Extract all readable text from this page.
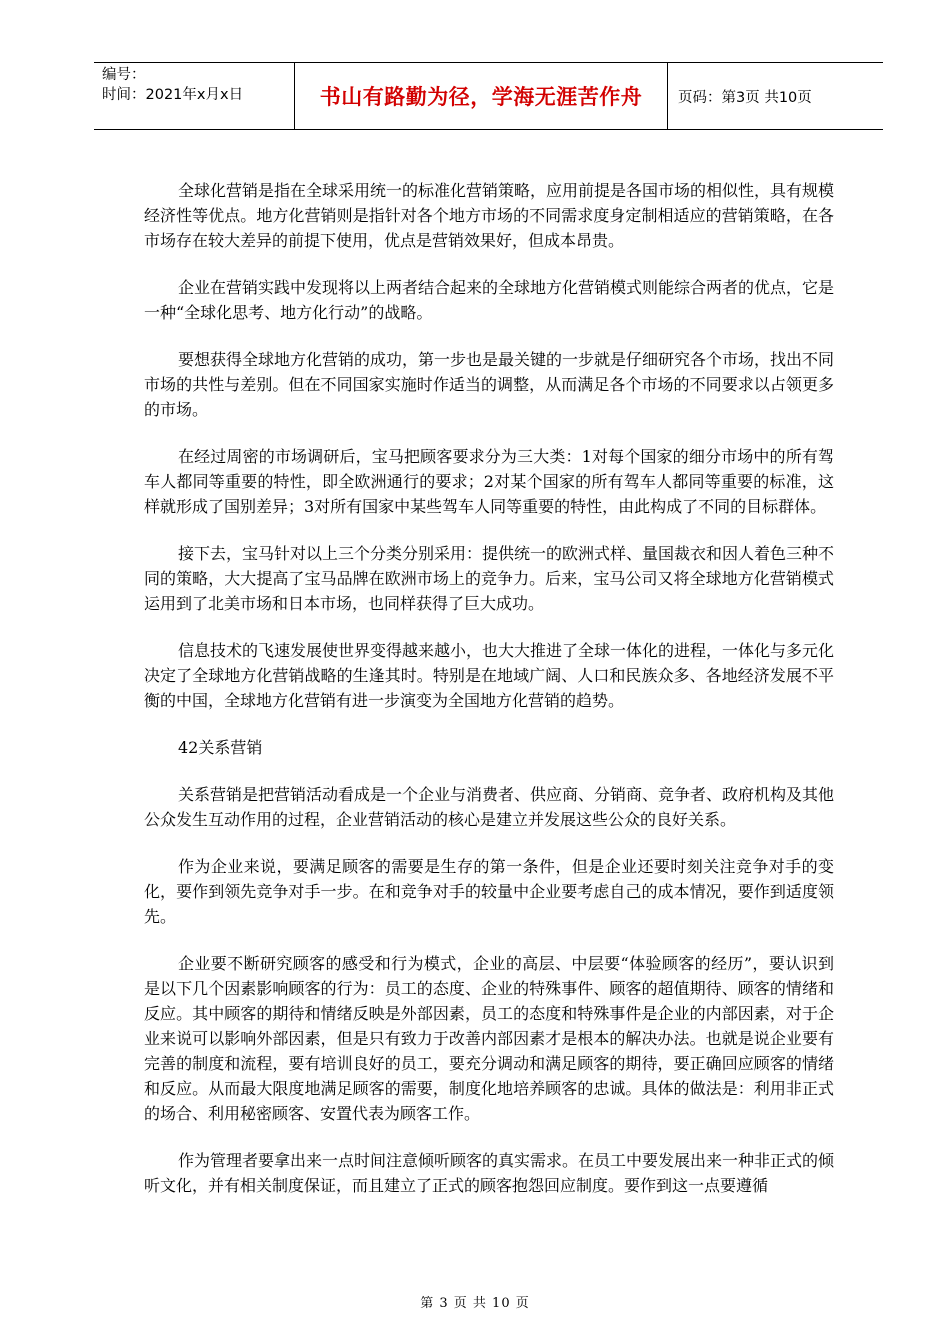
编号：
时间：2021年x月x日	书山有路勤为径，学海无涯苦作舟 页码：第3页 共10页

全球化营销是指在全球采用统一的标准化营销策略，应用前提是各国市场的相似性，具有规模经济性等优点。地方化营销则是指针对各个地方市场的不同需求度身定制相适应的营销策略，在各市场存在较大差异的前提下使用，优点是营销效果好，但成本昂贵。

企业在营销实践中发现将以上两者结合起来的全球地方化营销模式则能综合两者的优点，它是一种“全球化思考、地方化行动”的战略。

要想获得全球地方化营销的成功，第一步也是最关键的一步就是仔细研究各个市场，找出不同市场的共性与差别。但在不同国家实施时作适当的调整，从而满足各个市场的不同要求以占领更多的市场。

在经过周密的市场调研后，宝马把顾客要求分为三大类：1对每个国家的细分市场中的所有驾车人都同等重要的特性，即全欧洲通行的要求；2对某个国家的所有驾车人都同等重要的标准，这样就形成了国别差异；3对所有国家中某些驾车人同等重要的特性，由此构成了不同的目标群体。

接下去，宝马针对以上三个分类分别采用：提供统一的欧洲式样、量国裁衣和因人着色三种不同的策略，大大提高了宝马品牌在欧洲市场上的竞争力。后来，宝马公司又将全球地方化营销模式运用到了北美市场和日本市场，也同样获得了巨大成功。

信息技术的飞速发展使世界变得越来越小，也大大推进了全球一体化的进程，一体化与多元化决定了全球地方化营销战略的生逢其时。特别是在地域广阔、人口和民族众多、各地经济发展不平衡的中国，全球地方化营销有进一步演变为全国地方化营销的趋势。

42关系营销

关系营销是把营销活动看成是一个企业与消费者、供应商、分销商、竞争者、政府机构及其他公众发生互动作用的过程，企业营销活动的核心是建立并发展这些公众的良好关系。

作为企业来说，要满足顾客的需要是生存的第一条件，但是企业还要时刻关注竞争对手的变化，要作到领先竞争对手一步。在和竞争对手的较量中企业要考虑自己的成本情况，要作到适度领先。

企业要不断研究顾客的感受和行为模式，企业的高层、中层要“体验顾客的经历”，要认识到是以下几个因素影响顾客的行为：员工的态度、企业的特殊事件、顾客的超值期待、顾客的情绪和反应。其中顾客的期待和情绪反映是外部因素，员工的态度和特殊事件是企业的内部因素，对于企业来说可以影响外部因素，但是只有致力于改善内部因素才是根本的解决办法。也就是说企业要有完善的制度和流程，要有培训良好的员工，要充分调动和满足顾客的期待，要正确回应顾客的情绪和反应。从而最大限度地满足顾客的需要，制度化地培养顾客的忠诚。具体的做法是：利用非正式的场合、利用秘密顾客、安置代表为顾客工作。

作为管理者要拿出来一点时间注意倾听顾客的真实需求。在员工中要发展出来一种非正式的倾听文化，并有相关制度保证，而且建立了正式的顾客抱怨回应制度。要作到这一点要遵循

第 3 页 共 10 页
